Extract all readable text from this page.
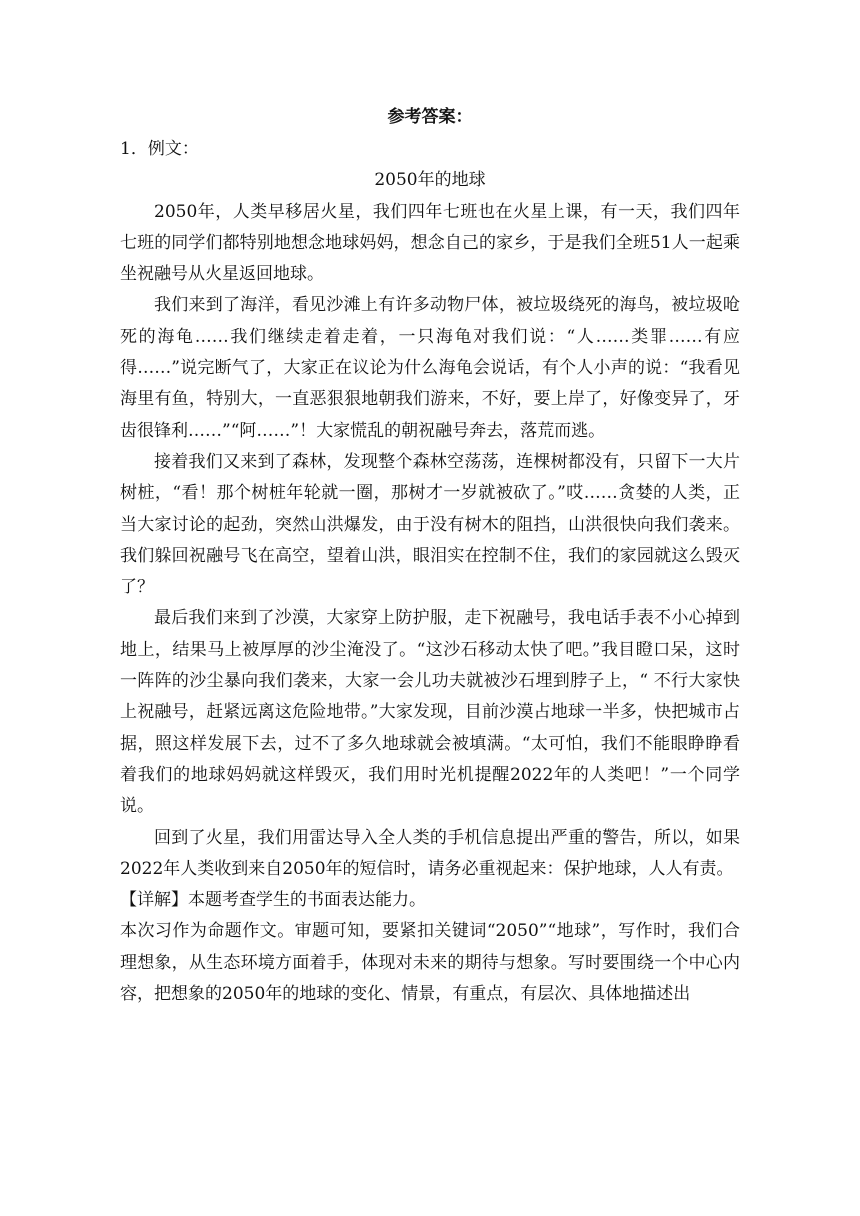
参考答案：

1．例文：

2050年的地球

2050年，人类早移居火星，我们四年七班也在火星上课，有一天，我们四年七班的同学们都特别地想念地球妈妈，想念自己的家乡，于是我们全班51人一起乘坐祝融号从火星返回地球。

我们来到了海洋，看见沙滩上有许多动物尸体，被垃圾绕死的海鸟，被垃圾呛死的海龟……我们继续走着走着，一只海龟对我们说：“人……类罪……有应得……”说完断气了，大家正在议论为什么海龟会说话，有个人小声的说：“我看见海里有鱼，特别大，一直恶狠狠地朝我们游来，不好，要上岸了，好像变异了，牙齿很锋利……”“阿……”！大家慌乱的朝祝融号奔去，落荒而逃。

接着我们又来到了森林，发现整个森林空荡荡，连棵树都没有，只留下一大片树桩，“看！那个树桩年轮就一圈，那树才一岁就被砍了。”哎……贪婪的人类，正当大家讨论的起劲，突然山洪爆发，由于没有树木的阻挡，山洪很快向我们袭来。我们躲回祝融号飞在高空，望着山洪，眼泪实在控制不住，我们的家园就这么毁灭了？

最后我们来到了沙漠，大家穿上防护服，走下祝融号，我电话手表不小心掉到地上，结果马上被厚厚的沙尘淹没了。“这沙石移动太快了吧。”我目瞪口呆，这时一阵阵的沙尘暴向我们袭来，大家一会儿功夫就被沙石埋到脖子上，“ 不行大家快上祝融号，赶紧远离这危险地带。”大家发现，目前沙漠占地球一半多，快把城市占据，照这样发展下去，过不了多久地球就会被填满。“太可怕，我们不能眼睁睁看着我们的地球妈妈就这样毁灭，我们用时光机提醒2022年的人类吧！”一个同学说。

回到了火星，我们用雷达导入全人类的手机信息提出严重的警告，所以，如果2022年人类收到来自2050年的短信时，请务必重视起来：保护地球，人人有责。

【详解】本题考查学生的书面表达能力。

本次习作为命题作文。审题可知，要紧扣关键词“2050”“地球”，写作时，我们合理想象，从生态环境方面着手，体现对未来的期待与想象。写时要围绕一个中心内容，把想象的2050年的地球的变化、情景，有重点，有层次、具体地描述出
